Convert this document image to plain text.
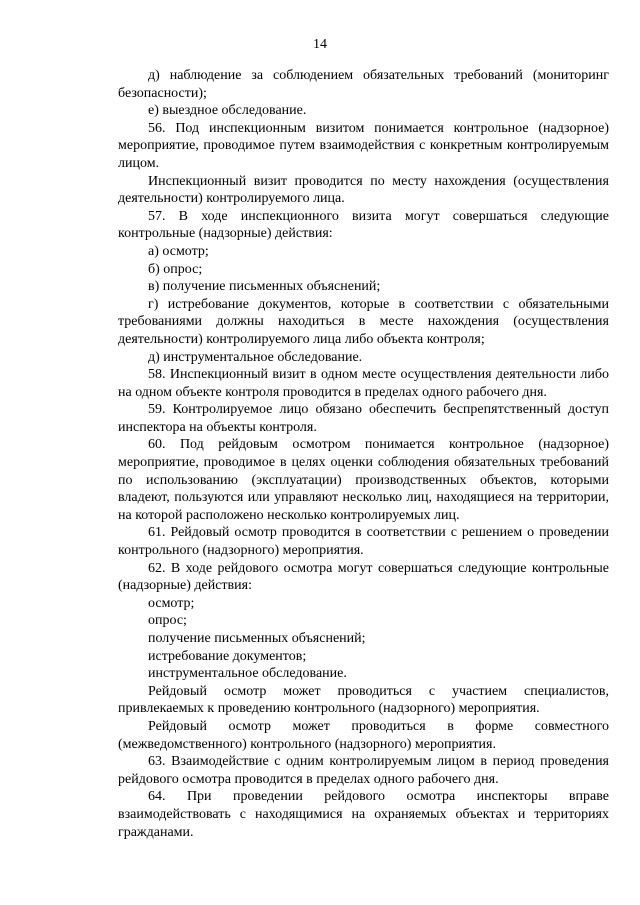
14

д) наблюдение за соблюдением обязательных требований (мониторинг безопасности);

е) выездное обследование.

56. Под инспекционным визитом понимается контрольное (надзорное) мероприятие, проводимое путем взаимодействия с конкретным контролируемым лицом.

Инспекционный визит проводится по месту нахождения (осуществления деятельности) контролируемого лица.

57. В ходе инспекционного визита могут совершаться следующие контрольные (надзорные) действия:

а) осмотр;

б) опрос;

в) получение письменных объяснений;

г) истребование документов, которые в соответствии с обязательными требованиями должны находиться в месте нахождения (осуществления деятельности) контролируемого лица либо объекта контроля;

д) инструментальное обследование.

58. Инспекционный визит в одном месте осуществления деятельности либо на одном объекте контроля проводится в пределах одного рабочего дня.

59. Контролируемое лицо обязано обеспечить беспрепятственный доступ инспектора на объекты контроля.

60. Под рейдовым осмотром понимается контрольное (надзорное) мероприятие, проводимое в целях оценки соблюдения обязательных требований по использованию (эксплуатации) производственных объектов, которыми владеют, пользуются или управляют несколько лиц, находящиеся на территории, на которой расположено несколько контролируемых лиц.

61. Рейдовый осмотр проводится в соответствии с решением о проведении контрольного (надзорного) мероприятия.

62. В ходе рейдового осмотра могут совершаться следующие контрольные (надзорные) действия:

осмотр;

опрос;

получение письменных объяснений;

истребование документов;

инструментальное обследование.

Рейдовый осмотр может проводиться с участием специалистов, привлекаемых к проведению контрольного (надзорного) мероприятия.

Рейдовый осмотр может проводиться в форме совместного (межведомственного) контрольного (надзорного) мероприятия.

63. Взаимодействие с одним контролируемым лицом в период проведения рейдового осмотра проводится в пределах одного рабочего дня.

64. При проведении рейдового осмотра инспекторы вправе взаимодействовать с находящимися на охраняемых объектах и территориях гражданами.
